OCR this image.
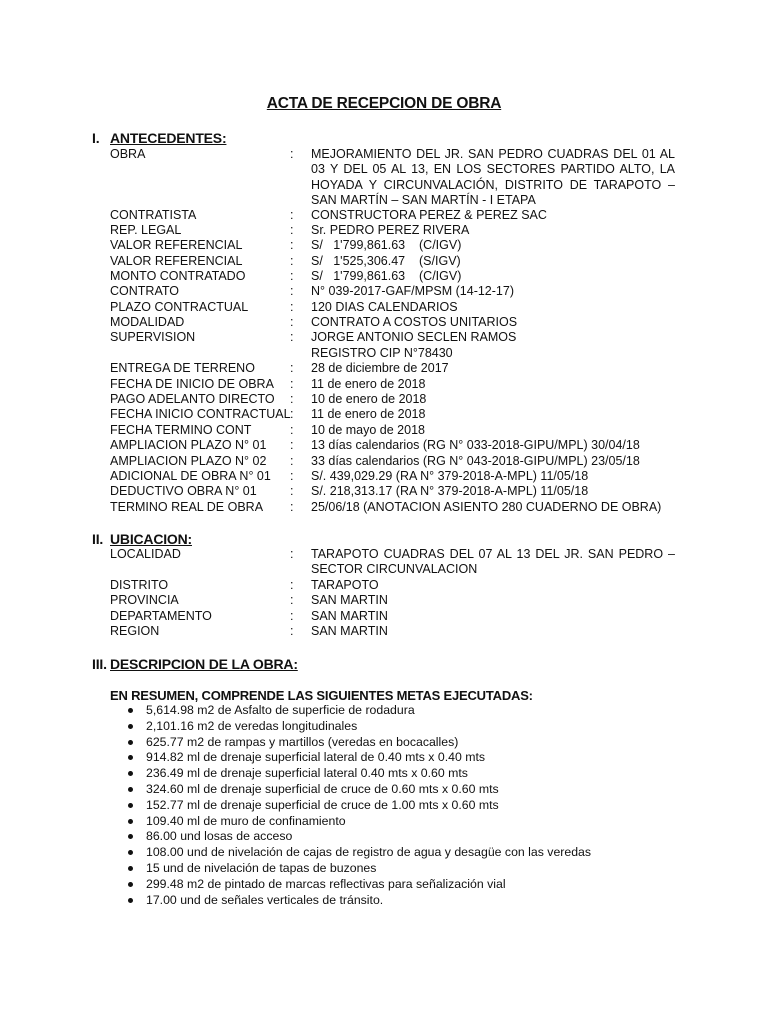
ACTA DE RECEPCION DE OBRA
I. ANTECEDENTES:
OBRA	: MEJORAMIENTO DEL JR. SAN PEDRO CUADRAS DEL 01 AL 03 Y DEL 05 AL 13, EN LOS SECTORES PARTIDO ALTO, LA HOYADA Y CIRCUNVALACIÓN, DISTRITO DE TARAPOTO – SAN MARTÍN – SAN MARTÍN - I ETAPA
CONTRATISTA	: CONSTRUCTORA PEREZ & PEREZ SAC
REP. LEGAL	: Sr. PEDRO PEREZ RIVERA
VALOR REFERENCIAL	: S/   1'799,861.63    (C/IGV)
VALOR REFERENCIAL	: S/   1'525,306.47    (S/IGV)
MONTO CONTRATADO	: S/   1'799,861.63    (C/IGV)
CONTRATO	: N° 039-2017-GAF/MPSM (14-12-17)
PLAZO CONTRACTUAL	: 120 DIAS CALENDARIOS
MODALIDAD	: CONTRATO A COSTOS UNITARIOS
SUPERVISION	: JORGE ANTONIO SECLEN RAMOS
REGISTRO CIP N°78430
ENTREGA DE TERRENO	: 28 de diciembre de 2017
FECHA DE INICIO DE OBRA	: 11 de enero de 2018
PAGO ADELANTO DIRECTO	: 10 de enero de 2018
FECHA INICIO CONTRACTUAL : 11 de enero de 2018
FECHA TERMINO CONT	: 10 de mayo de 2018
AMPLIACION PLAZO N° 01	: 13 días calendarios (RG N° 033-2018-GIPU/MPL) 30/04/18
AMPLIACION PLAZO N° 02	: 33 días calendarios (RG N° 043-2018-GIPU/MPL) 23/05/18
ADICIONAL DE OBRA N° 01	: S/. 439,029.29 (RA N° 379-2018-A-MPL) 11/05/18
DEDUCTIVO OBRA N° 01	: S/. 218,313.17 (RA N° 379-2018-A-MPL) 11/05/18
TERMINO REAL DE OBRA	: 25/06/18 (ANOTACION ASIENTO 280 CUADERNO DE OBRA)
II. UBICACION:
LOCALIDAD	: TARAPOTO CUADRAS DEL 07 AL 13 DEL JR. SAN PEDRO – SECTOR CIRCUNVALACION
DISTRITO	: TARAPOTO
PROVINCIA	: SAN MARTIN
DEPARTAMENTO	: SAN MARTIN
REGION	: SAN MARTIN
III. DESCRIPCION DE LA OBRA:
EN RESUMEN, COMPRENDE LAS SIGUIENTES METAS EJECUTADAS:
5,614.98 m2 de Asfalto de superficie de rodadura
2,101.16 m2 de veredas longitudinales
625.77 m2 de rampas y martillos (veredas en bocacalles)
914.82 ml de drenaje superficial lateral de 0.40 mts x 0.40 mts
236.49 ml de drenaje superficial lateral 0.40 mts x 0.60 mts
324.60 ml de drenaje superficial de cruce de 0.60 mts x 0.60 mts
152.77 ml de drenaje superficial de cruce de 1.00 mts x 0.60 mts
109.40 ml de muro de confinamiento
86.00 und losas de acceso
108.00 und de nivelación de cajas de registro de agua y desagüe con las veredas
15 und de nivelación de tapas de buzones
299.48 m2 de pintado de marcas reflectivas para señalización vial
17.00 und de señales verticales de tránsito.
